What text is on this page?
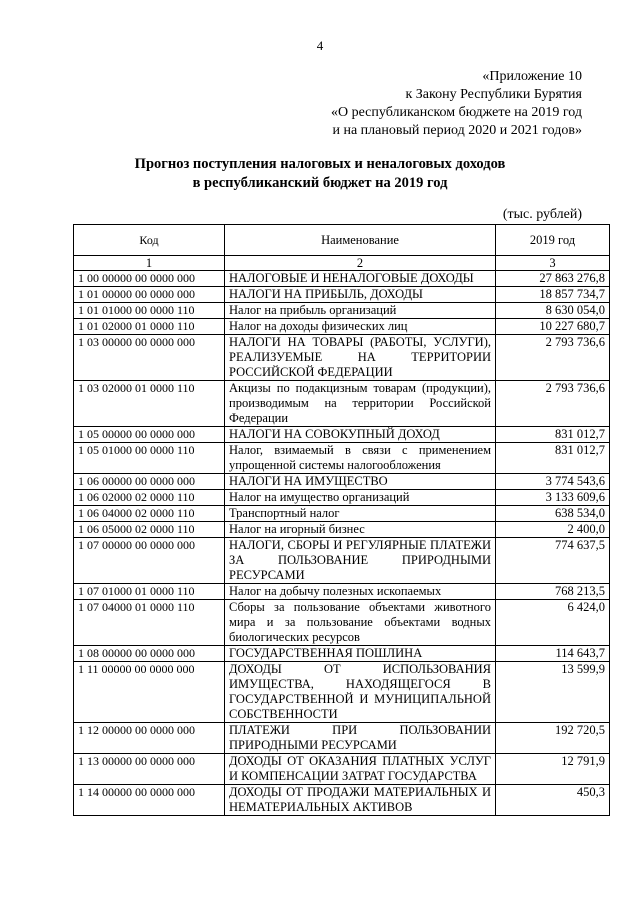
4
«Приложение 10
к Закону Республики Бурятия
«О республиканском бюджете на 2019 год
и на плановый период 2020 и 2021 годов»
Прогноз поступления налоговых и неналоговых доходов
в республиканский бюджет на 2019 год
(тыс. рублей)
Код	Наименование	2019 год
1	2	3
1 00 00000 00 0000 000	НАЛОГОВЫЕ И НЕНАЛОГОВЫЕ ДОХОДЫ	27 863 276,8
1 01 00000 00 0000 000	НАЛОГИ НА ПРИБЫЛЬ, ДОХОДЫ	18 857 734,7
1 01 01000 00 0000 110	Налог на прибыль организаций	8 630 054,0
1 01 02000 01 0000 110	Налог на доходы физических лиц	10 227 680,7
1 03 00000 00 0000 000	НАЛОГИ НА ТОВАРЫ (РАБОТЫ, УСЛУГИ), РЕАЛИЗУЕМЫЕ НА ТЕРРИТОРИИ РОССИЙСКОЙ ФЕДЕРАЦИИ	2 793 736,6
1 03 02000 01 0000 110	Акцизы по подакцизным товарам (продукции), производимым на территории Российской Федерации	2 793 736,6
1 05 00000 00 0000 000	НАЛОГИ НА СОВОКУПНЫЙ ДОХОД	831 012,7
1 05 01000 00 0000 110	Налог, взимаемый в связи с применением упрощенной системы налогообложения	831 012,7
1 06 00000 00 0000 000	НАЛОГИ НА ИМУЩЕСТВО	3 774 543,6
1 06 02000 02 0000 110	Налог на имущество организаций	3 133 609,6
1 06 04000 02 0000 110	Транспортный налог	638 534,0
1 06 05000 02 0000 110	Налог на игорный бизнес	2 400,0
1 07 00000 00 0000 000	НАЛОГИ, СБОРЫ И РЕГУЛЯРНЫЕ ПЛАТЕЖИ ЗА ПОЛЬЗОВАНИЕ ПРИРОДНЫМИ РЕСУРСАМИ	774 637,5
1 07 01000 01 0000 110	Налог на добычу полезных ископаемых	768 213,5
1 07 04000 01 0000 110	Сборы за пользование объектами животного мира и за пользование объектами водных биологических ресурсов	6 424,0
1 08 00000 00 0000 000	ГОСУДАРСТВЕННАЯ ПОШЛИНА	114 643,7
1 11 00000 00 0000 000	ДОХОДЫ ОТ ИСПОЛЬЗОВАНИЯ ИМУЩЕСТВА, НАХОДЯЩЕГОСЯ В ГОСУДАРСТВЕННОЙ И МУНИЦИПАЛЬНОЙ СОБСТВЕННОСТИ	13 599,9
1 12 00000 00 0000 000	ПЛАТЕЖИ ПРИ ПОЛЬЗОВАНИИ ПРИРОДНЫМИ РЕСУРСАМИ	192 720,5
1 13 00000 00 0000 000	ДОХОДЫ ОТ ОКАЗАНИЯ ПЛАТНЫХ УСЛУГ И КОМПЕНСАЦИИ ЗАТРАТ ГОСУДАРСТВА	12 791,9
1 14 00000 00 0000 000	ДОХОДЫ ОТ ПРОДАЖИ МАТЕРИАЛЬНЫХ И НЕМАТЕРИАЛЬНЫХ АКТИВОВ	450,3
